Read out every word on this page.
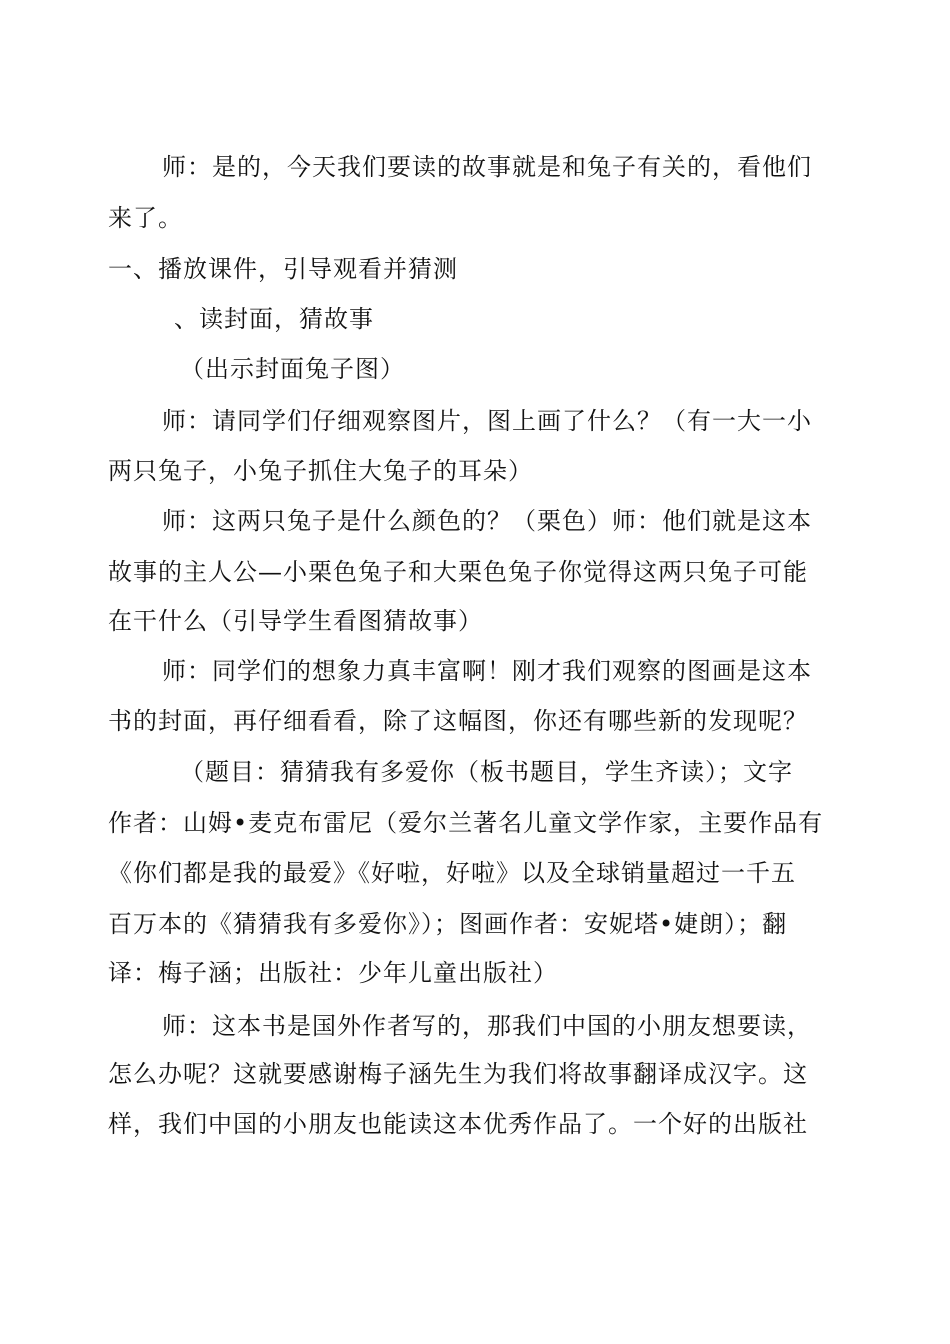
师：是的，今天我们要读的故事就是和兔子有关的，看他们
来了。
一、播放课件，引导观看并猜测
、读封面，猜故事
（出示封面兔子图）
师：请同学们仔细观察图片，图上画了什么？（有一大一小
两只兔子，小兔子抓住大兔子的耳朵）
师：这两只兔子是什么颜色的？（栗色）师：他们就是这本
故事的主人公—小栗色兔子和大栗色兔子你觉得这两只兔子可能
在干什么（引导学生看图猜故事）
师：同学们的想象力真丰富啊！刚才我们观察的图画是这本
书的封面，再仔细看看，除了这幅图，你还有哪些新的发现呢？
（题目：猜猜我有多爱你（板书题目，学生齐读）；文字
作者：山姆•麦克布雷尼（爱尔兰著名儿童文学作家，主要作品有
《你们都是我的最爱》《好啦，好啦》以及全球销量超过一千五
百万本的《猜猜我有多爱你》）；图画作者：安妮塔•婕朗）；翻
译：梅子涵；出版社：少年儿童出版社）
师：这本书是国外作者写的，那我们中国的小朋友想要读，
怎么办呢？这就要感谢梅子涵先生为我们将故事翻译成汉字。这
样，我们中国的小朋友也能读这本优秀作品了。一个好的出版社
